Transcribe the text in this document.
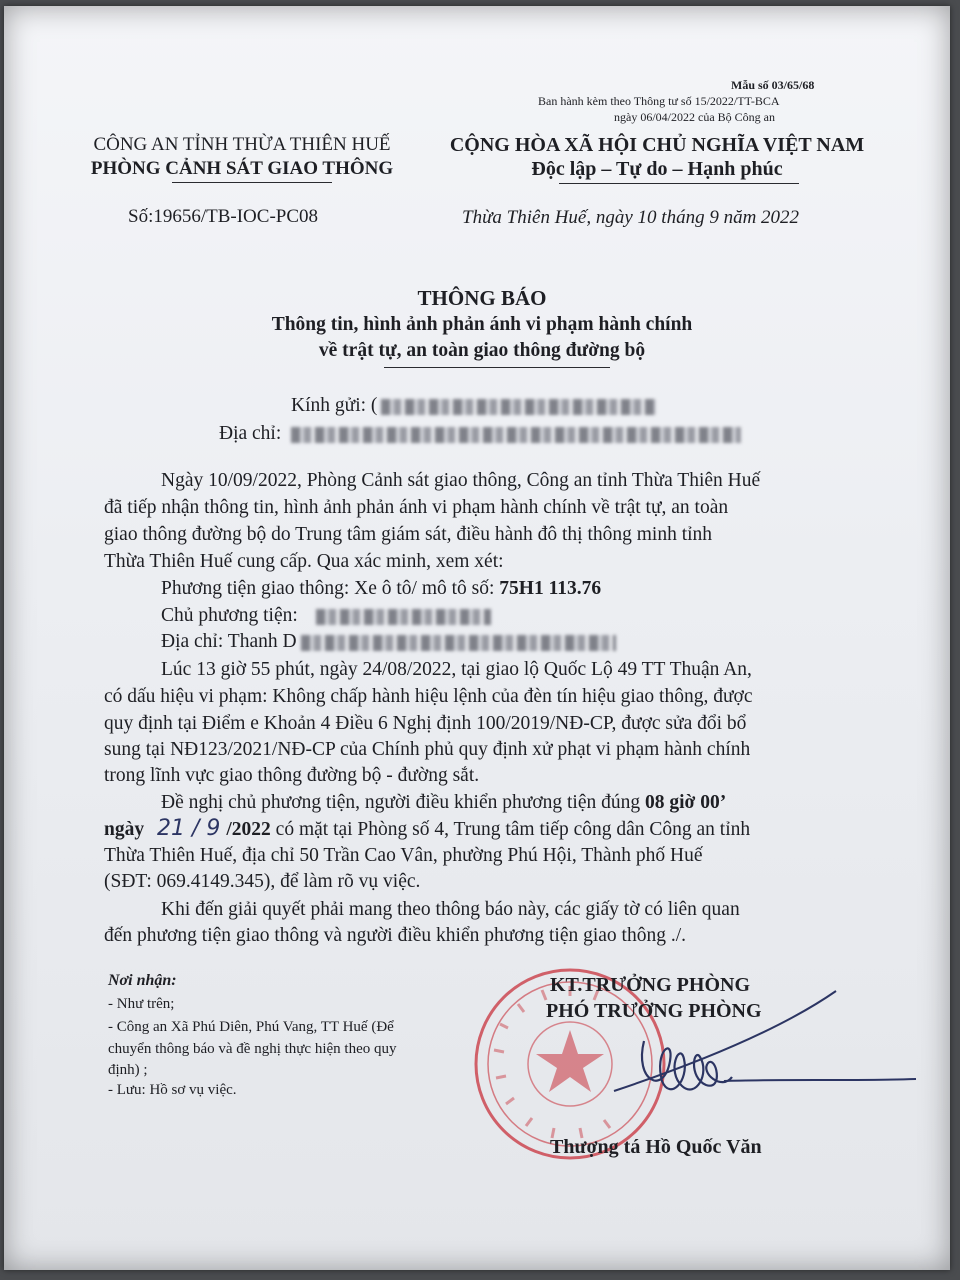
Mẫu số 03/65/68
Ban hành kèm theo Thông tư số 15/2022/TT-BCA
ngày 06/04/2022 của Bộ Công an
CÔNG AN TỈNH THỪA THIÊN HUẾ
PHÒNG CẢNH SÁT GIAO THÔNG
Số:19656/TB-IOC-PC08
CỘNG HÒA XÃ HỘI CHỦ NGHĨA VIỆT NAM
Độc lập – Tự do – Hạnh phúc
Thừa Thiên Huế, ngày 10 tháng 9 năm 2022
THÔNG BÁO
Thông tin, hình ảnh phản ánh vi phạm hành chính
về trật tự, an toàn giao thông đường bộ
Kính gửi: (
Địa chỉ:
Ngày 10/09/2022, Phòng Cảnh sát giao thông, Công an tỉnh Thừa Thiên Huế
đã tiếp nhận thông tin, hình ảnh phản ánh vi phạm hành chính về trật tự, an toàn
giao thông đường bộ do Trung tâm giám sát, điều hành đô thị thông minh tỉnh
Thừa Thiên Huế cung cấp. Qua xác minh, xem xét:
Phương tiện giao thông: Xe ô tô/ mô tô số: 75H1 113.76
Chủ phương tiện:
Địa chỉ: Thanh D
Lúc 13 giờ 55 phút, ngày 24/08/2022, tại giao lộ Quốc Lộ 49 TT Thuận An,
có dấu hiệu vi phạm: Không chấp hành hiệu lệnh của đèn tín hiệu giao thông, được
quy định tại Điểm e Khoản 4 Điều 6 Nghị định 100/2019/NĐ-CP, được sửa đổi bổ
sung tại NĐ123/2021/NĐ-CP của Chính phủ quy định xử phạt vi phạm hành chính
trong lĩnh vực giao thông đường bộ - đường sắt.
Đề nghị chủ phương tiện, người điều khiển phương tiện đúng 08 giờ 00’
ngày 21 / 9 /2022 có mặt tại Phòng số 4, Trung tâm tiếp công dân Công an tỉnh
Thừa Thiên Huế, địa chỉ 50 Trần Cao Vân, phường Phú Hội, Thành phố Huế
(SĐT: 069.4149.345), để làm rõ vụ việc.
Khi đến giải quyết phải mang theo thông báo này, các giấy tờ có liên quan
đến phương tiện giao thông và người điều khiển phương tiện giao thông ./.
Nơi nhận:
- Như trên;
- Công an Xã Phú Diên, Phú Vang, TT Huế (Để
chuyển thông báo và đề nghị thực hiện theo quy
định) ;
- Lưu: Hồ sơ vụ việc.
KT.TRƯỞNG PHÒNG
PHÓ TRƯỞNG PHÒNG
Thượng tá Hồ Quốc Văn
